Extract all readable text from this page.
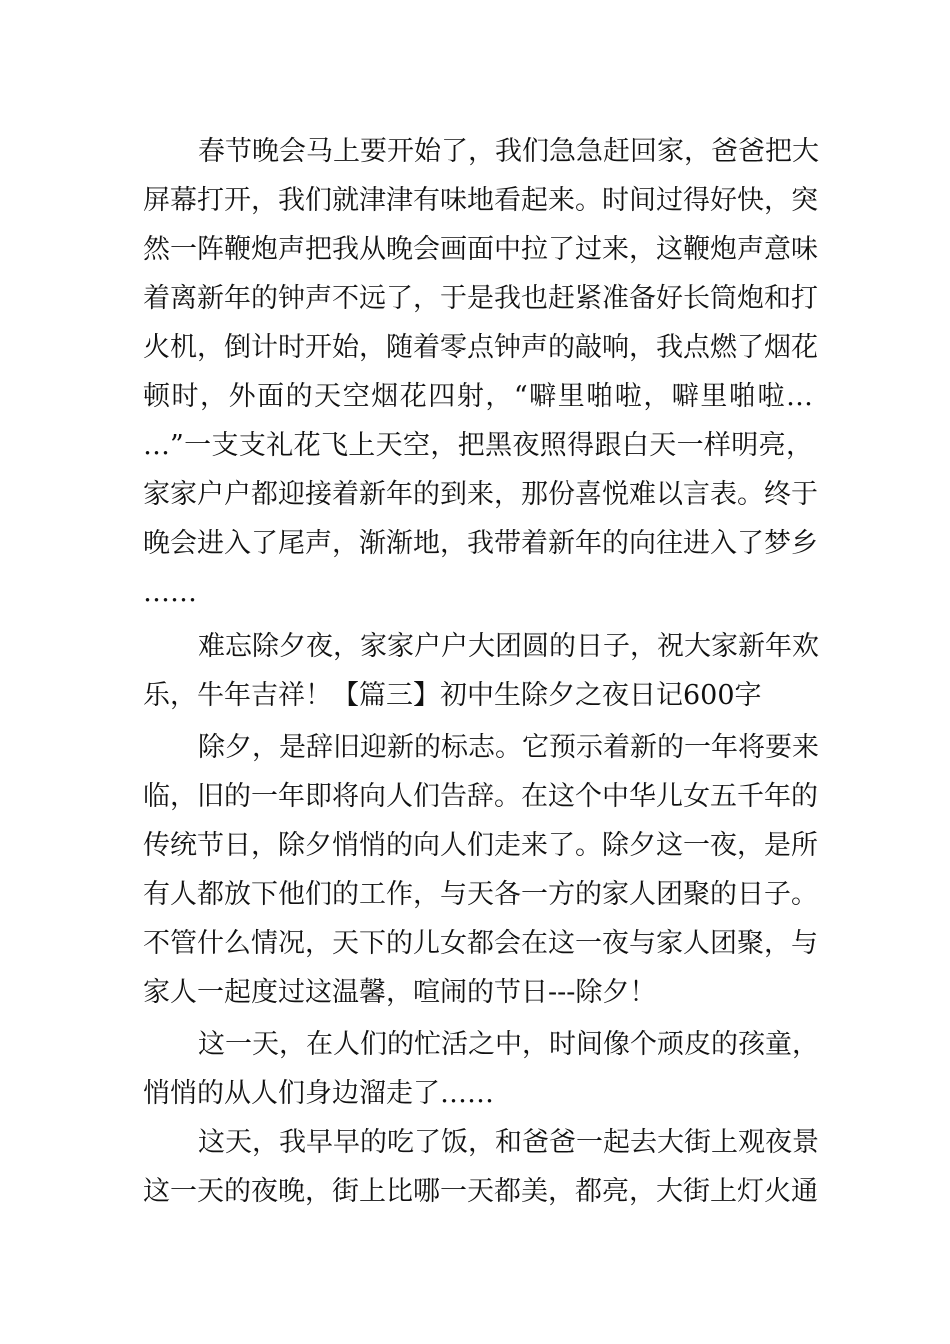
春节晚会马上要开始了，我们急急赶回家，爸爸把大
屏幕打开，我们就津津有味地看起来。时间过得好快，突
然一阵鞭炮声把我从晚会画面中拉了过来，这鞭炮声意味
着离新年的钟声不远了，于是我也赶紧准备好长筒炮和打
火机，倒计时开始，随着零点钟声的敲响，我点燃了烟花
顿时，外面的天空烟花四射，“噼里啪啦，噼里啪啦…
…”一支支礼花飞上天空，把黑夜照得跟白天一样明亮，
家家户户都迎接着新年的到来，那份喜悦难以言表。终于
晚会进入了尾声，渐渐地，我带着新年的向往进入了梦乡
……
难忘除夕夜，家家户户大团圆的日子，祝大家新年欢
乐，牛年吉祥！【篇三】初中生除夕之夜日记600字
除夕，是辞旧迎新的标志。它预示着新的一年将要来
临，旧的一年即将向人们告辞。在这个中华儿女五千年的
传统节日，除夕悄悄的向人们走来了。除夕这一夜，是所
有人都放下他们的工作，与天各一方的家人团聚的日子。
不管什么情况，天下的儿女都会在这一夜与家人团聚，与
家人一起度过这温馨，喧闹的节日---除夕！
这一天，在人们的忙活之中，时间像个顽皮的孩童，
悄悄的从人们身边溜走了……
这天，我早早的吃了饭，和爸爸一起去大街上观夜景
这一天的夜晚，街上比哪一天都美，都亮，大街上灯火通
